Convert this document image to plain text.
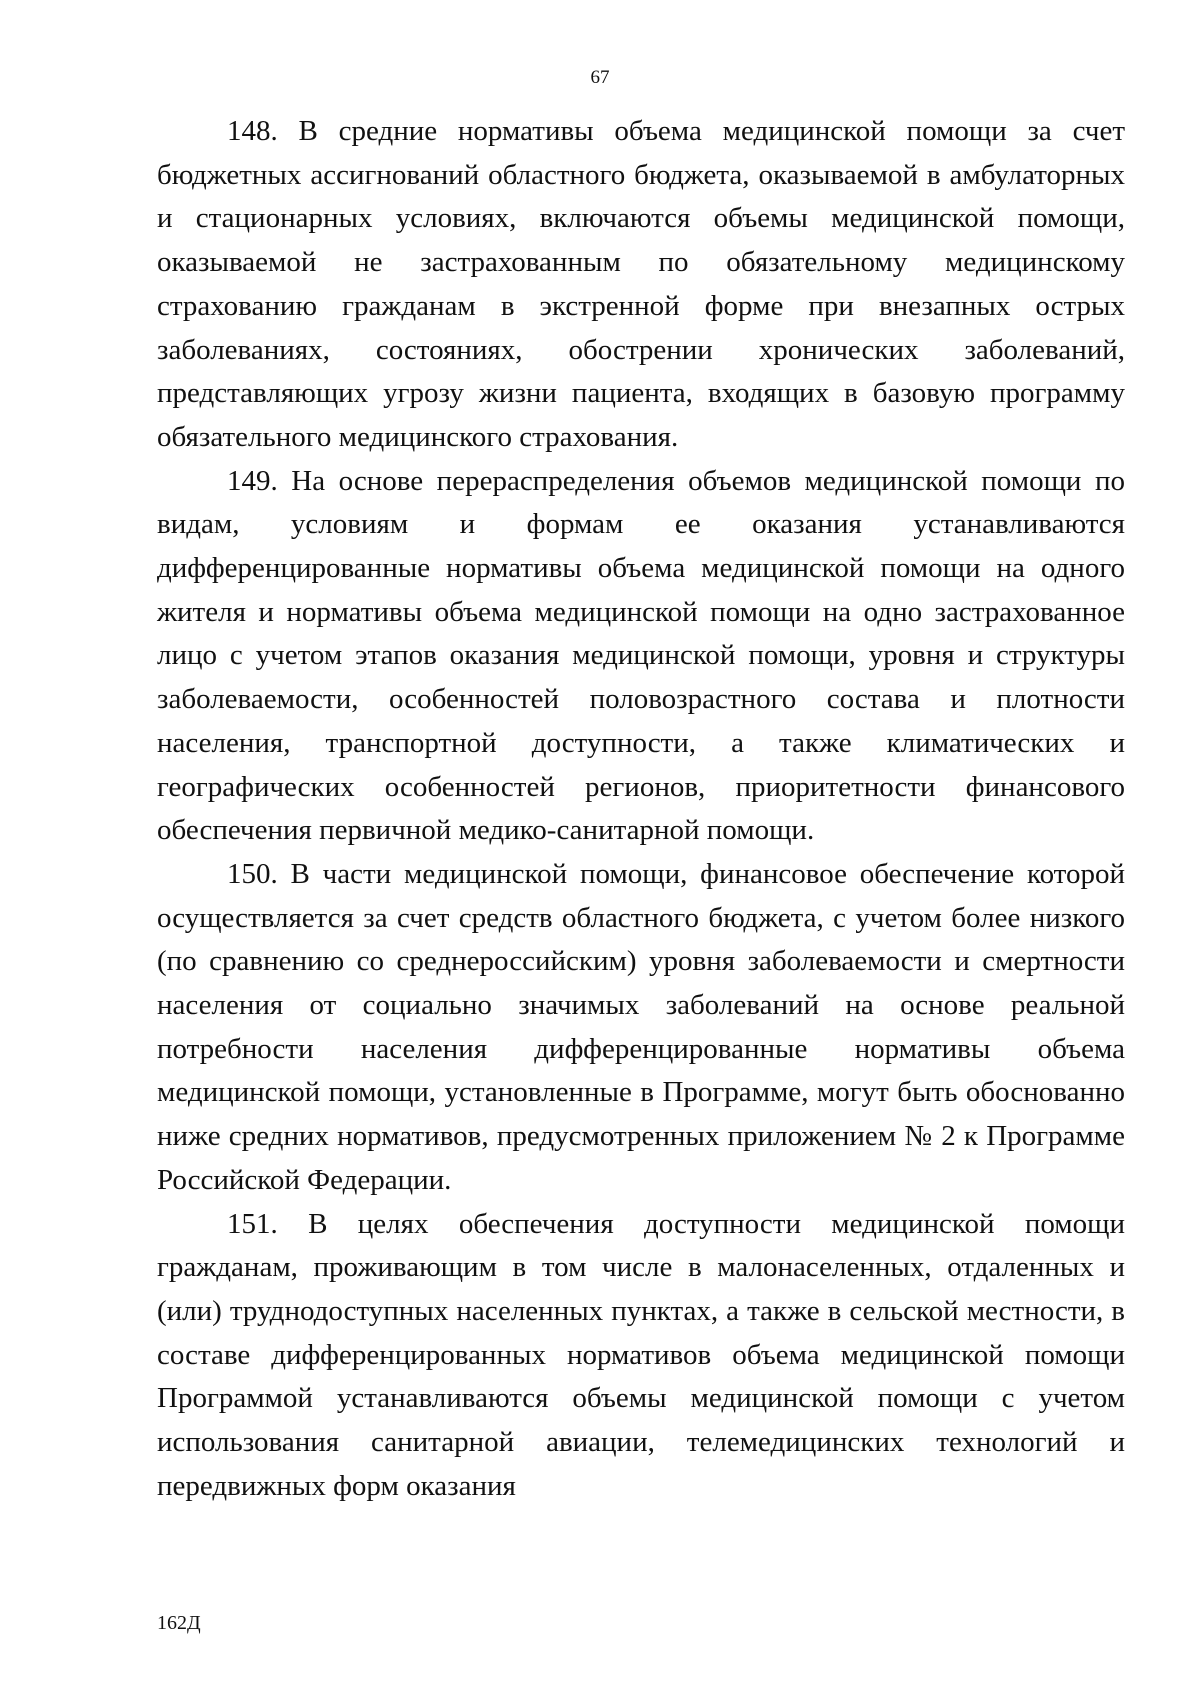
67

148. В средние нормативы объема медицинской помощи за счет бюджетных ассигнований областного бюджета, оказываемой в амбулаторных и стационарных условиях, включаются объемы медицинской помощи, оказываемой не застрахованным по обязательному медицинскому страхованию гражданам в экстренной форме при внезапных острых заболеваниях, состояниях, обострении хронических заболеваний, представляющих угрозу жизни пациента, входящих в базовую программу обязательного медицинского страхования.

149. На основе перераспределения объемов медицинской помощи по видам, условиям и формам ее оказания устанавливаются дифференцированные нормативы объема медицинской помощи на одного жителя и нормативы объема медицинской помощи на одно застрахованное лицо с учетом этапов оказания медицинской помощи, уровня и структуры заболеваемости, особенностей половозрастного состава и плотности населения, транспортной доступности, а также климатических и географических особенностей регионов, приоритетности финансового обеспечения первичной медико-санитарной помощи.

150. В части медицинской помощи, финансовое обеспечение которой осуществляется за счет средств областного бюджета, с учетом более низкого (по сравнению со среднероссийским) уровня заболеваемости и смертности населения от социально значимых заболеваний на основе реальной потребности населения дифференцированные нормативы объема медицинской помощи, установленные в Программе, могут быть обоснованно ниже средних нормативов, предусмотренных приложением № 2 к Программе Российской Федерации.

151. В целях обеспечения доступности медицинской помощи гражданам, проживающим в том числе в малонаселенных, отдаленных и (или) труднодоступных населенных пунктах, а также в сельской местности, в составе дифференцированных нормативов объема медицинской помощи Программой устанавливаются объемы медицинской помощи с учетом использования санитарной авиации, телемедицинских технологий и передвижных форм оказания

162Д
